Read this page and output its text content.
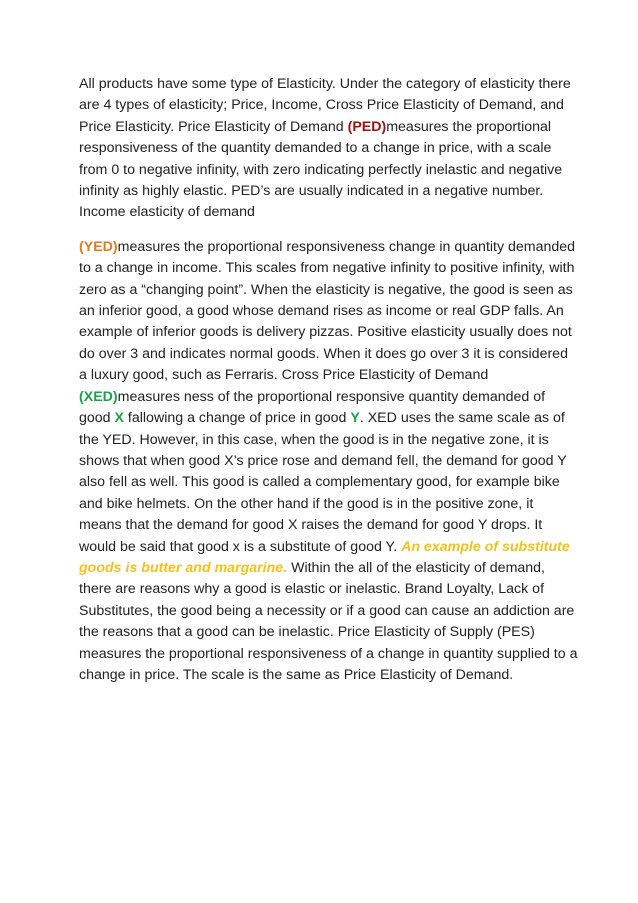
All products have some type of Elasticity. Under the category of elasticity there are 4 types of elasticity; Price, Income, Cross Price Elasticity of Demand, and Price Elasticity. Price Elasticity of Demand (PED)measures the proportional responsiveness of the quantity demanded to a change in price, with a scale from 0 to negative infinity, with zero indicating perfectly inelastic and negative infinity as highly elastic. PED’s are usually indicated in a negative number. Income elasticity of demand

(YED)measures the proportional responsiveness change in quantity demanded to a change in income. This scales from negative infinity to positive infinity, with zero as a “changing point”. When the elasticity is negative, the good is seen as an inferior good, a good whose demand rises as income or real GDP falls. An example of inferior goods is delivery pizzas. Positive elasticity usually does not do over 3 and indicates normal goods. When it does go over 3 it is considered a luxury good, such as Ferraris. Cross Price Elasticity of Demand (XED)measures ness of the proportional responsive quantity demanded of good X fallowing a change of price in good Y. XED uses the same scale as of the YED. However, in this case, when the good is in the negative zone, it is shows that when good X’s price rose and demand fell, the demand for good Y also fell as well. This good is called a complementary good, for example bike and bike helmets. On the other hand if the good is in the positive zone, it means that the demand for good X raises the demand for good Y drops. It would be said that good x is a substitute of good Y. An example of substitute goods is butter and margarine. Within the all of the elasticity of demand, there are reasons why a good is elastic or inelastic. Brand Loyalty, Lack of Substitutes, the good being a necessity or if a good can cause an addiction are the reasons that a good can be inelastic. Price Elasticity of Supply (PES) measures the proportional responsiveness of a change in quantity supplied to a change in price. The scale is the same as Price Elasticity of Demand.
